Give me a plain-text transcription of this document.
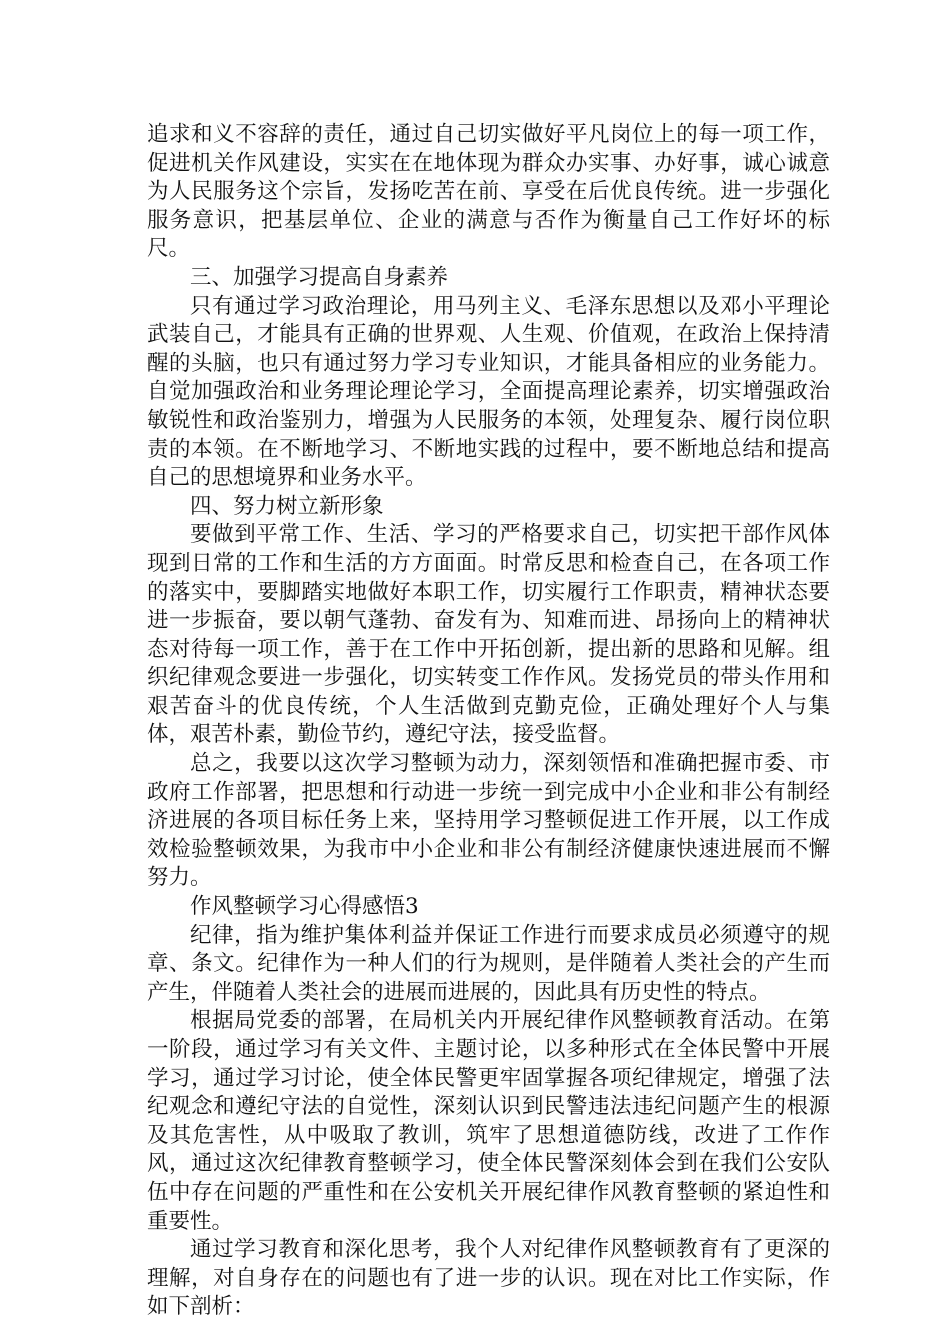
追求和义不容辞的责任，通过自己切实做好平凡岗位上的每一项工作，促进机关作风建设，实实在在地体现为群众办实事、办好事，诚心诚意为人民服务这个宗旨，发扬吃苦在前、享受在后优良传统。进一步强化服务意识，把基层单位、企业的满意与否作为衡量自己工作好坏的标尺。

三、加强学习提高自身素养

只有通过学习政治理论，用马列主义、毛泽东思想以及邓小平理论武装自己，才能具有正确的世界观、人生观、价值观，在政治上保持清醒的头脑，也只有通过努力学习专业知识，才能具备相应的业务能力。自觉加强政治和业务理论理论学习，全面提高理论素养，切实增强政治敏锐性和政治鉴别力，增强为人民服务的本领，处理复杂、履行岗位职责的本领。在不断地学习、不断地实践的过程中，要不断地总结和提高自己的思想境界和业务水平。

四、努力树立新形象

要做到平常工作、生活、学习的严格要求自己，切实把干部作风体现到日常的工作和生活的方方面面。时常反思和检查自己，在各项工作的落实中，要脚踏实地做好本职工作，切实履行工作职责，精神状态要进一步振奋，要以朝气蓬勃、奋发有为、知难而进、昂扬向上的精神状态对待每一项工作，善于在工作中开拓创新，提出新的思路和见解。组织纪律观念要进一步强化，切实转变工作作风。发扬党员的带头作用和艰苦奋斗的优良传统，个人生活做到克勤克俭，正确处理好个人与集体，艰苦朴素，勤俭节约，遵纪守法，接受监督。

总之，我要以这次学习整顿为动力，深刻领悟和准确把握市委、市政府工作部署，把思想和行动进一步统一到完成中小企业和非公有制经济进展的各项目标任务上来，坚持用学习整顿促进工作开展，以工作成效检验整顿效果，为我市中小企业和非公有制经济健康快速进展而不懈努力。

作风整顿学习心得感悟3

纪律，指为维护集体利益并保证工作进行而要求成员必须遵守的规章、条文。纪律作为一种人们的行为规则，是伴随着人类社会的产生而产生，伴随着人类社会的进展而进展的，因此具有历史性的特点。

根据局党委的部署，在局机关内开展纪律作风整顿教育活动。在第一阶段，通过学习有关文件、主题讨论，以多种形式在全体民警中开展学习，通过学习讨论，使全体民警更牢固掌握各项纪律规定，增强了法纪观念和遵纪守法的自觉性，深刻认识到民警违法违纪问题产生的根源及其危害性，从中吸取了教训，筑牢了思想道德防线，改进了工作作风，通过这次纪律教育整顿学习，使全体民警深刻体会到在我们公安队伍中存在问题的严重性和在公安机关开展纪律作风教育整顿的紧迫性和重要性。

通过学习教育和深化思考，我个人对纪律作风整顿教育有了更深的理解，对自身存在的问题也有了进一步的认识。现在对比工作实际，作如下剖析：
